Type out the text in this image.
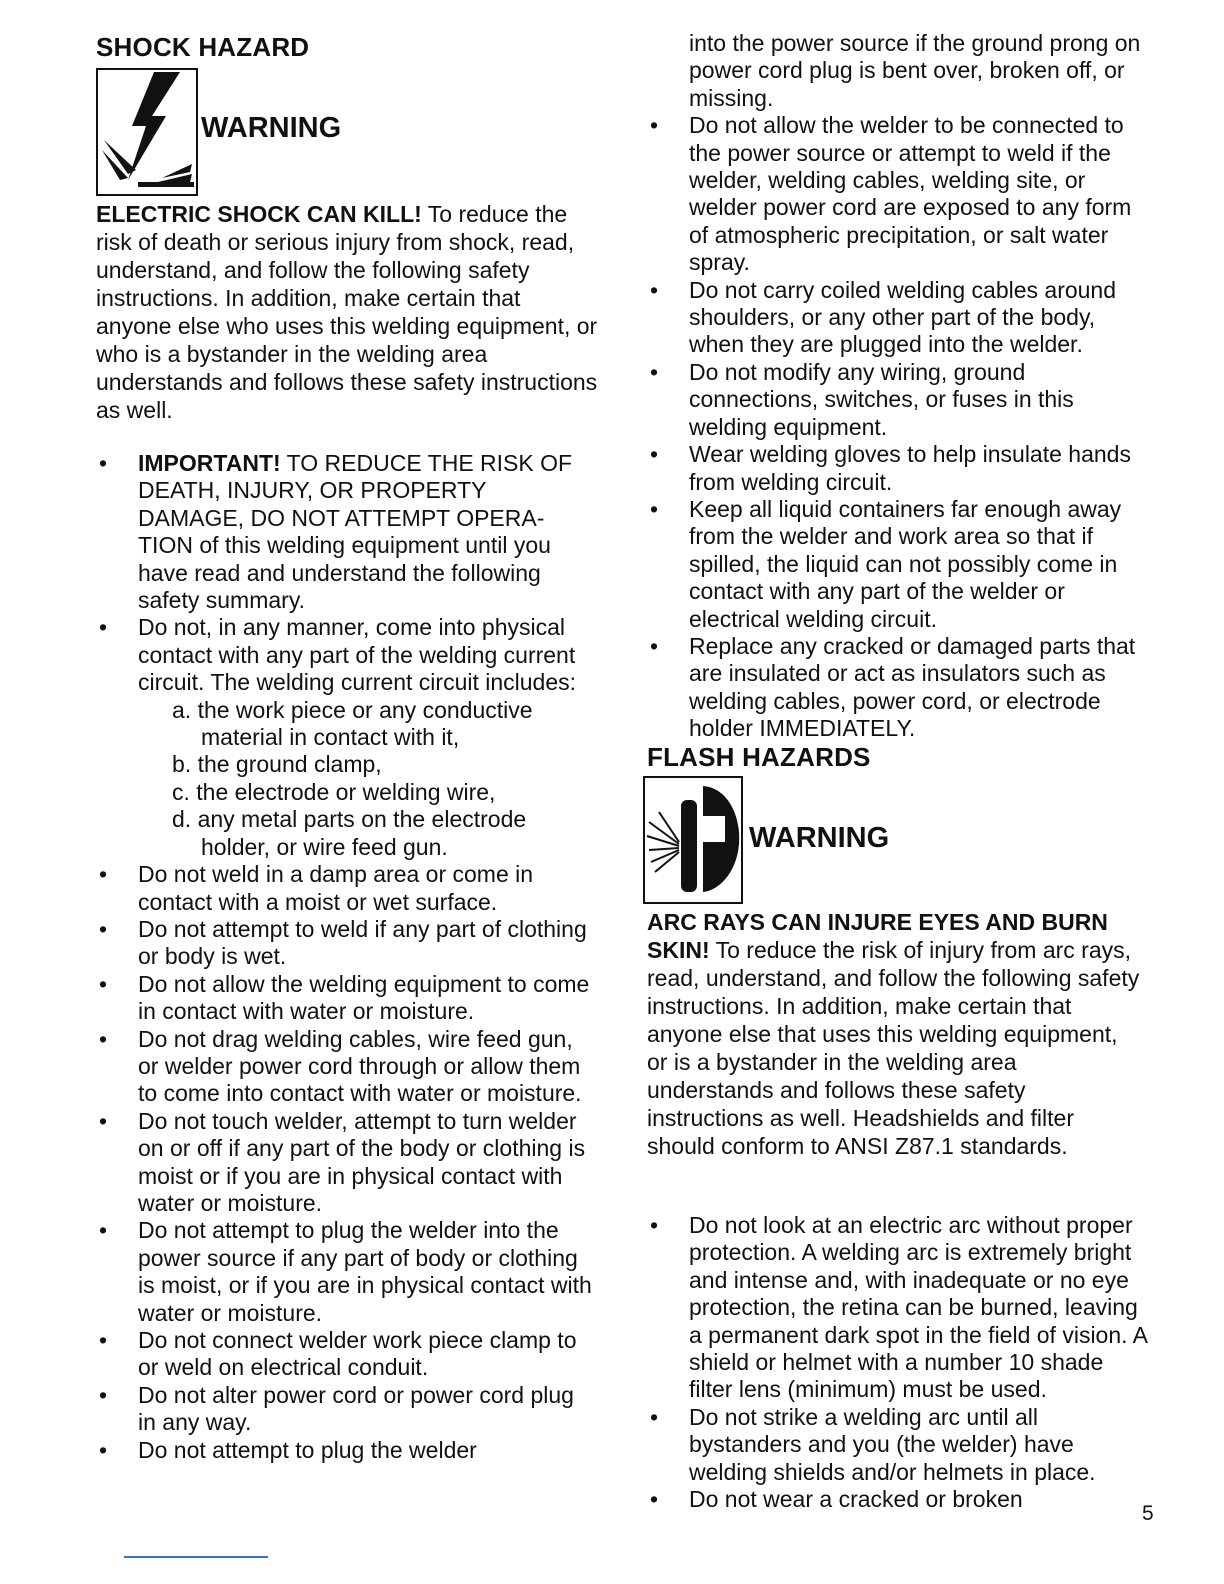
SHOCK HAZARD
WARNING

ELECTRIC SHOCK CAN KILL! To reduce the risk of death or serious injury from shock, read, understand, and follow the following safety instructions. In addition, make certain that anyone else who uses this welding equipment, or who is a bystander in the welding area understands and follows these safety instructions as well.

• IMPORTANT! TO REDUCE THE RISK OF DEATH, INJURY, OR PROPERTY DAMAGE, DO NOT ATTEMPT OPERA-TION of this welding equipment until you have read and understand the following safety summary.
• Do not, in any manner, come into physical contact with any part of the welding current circuit. The welding current circuit includes:
a. the work piece or any conductive material in contact with it,
b. the ground clamp,
c. the electrode or welding wire,
d. any metal parts on the electrode holder, or wire feed gun.
• Do not weld in a damp area or come in contact with a moist or wet surface.
• Do not attempt to weld if any part of clothing or body is wet.
• Do not allow the welding equipment to come in contact with water or moisture.
• Do not drag welding cables, wire feed gun, or welder power cord through or allow them to come into contact with water or moisture.
• Do not touch welder, attempt to turn welder on or off if any part of the body or clothing is moist or if you are in physical contact with water or moisture.
• Do not attempt to plug the welder into the power source if any part of body or clothing is moist, or if you are in physical contact with water or moisture.
• Do not connect welder work piece clamp to or weld on electrical conduit.
• Do not alter power cord or power cord plug in any way.
• Do not attempt to plug the welder
into the power source if the ground prong on power cord plug is bent over, broken off, or missing.
• Do not allow the welder to be connected to the power source or attempt to weld if the welder, welding cables, welding site, or welder power cord are exposed to any form of atmospheric precipitation, or salt water spray.
• Do not carry coiled welding cables around shoulders, or any other part of the body, when they are plugged into the welder.
• Do not modify any wiring, ground connections, switches, or fuses in this welding equipment.
• Wear welding gloves to help insulate hands from welding circuit.
• Keep all liquid containers far enough away from the welder and work area so that if spilled, the liquid can not possibly come in contact with any part of the welder or electrical welding circuit.
• Replace any cracked or damaged parts that are insulated or act as insulators such as welding cables, power cord, or electrode holder IMMEDIATELY.
FLASH HAZARDS
WARNING

ARC RAYS CAN INJURE EYES AND BURN SKIN! To reduce the risk of injury from arc rays, read, understand, and follow the following safety instructions. In addition, make certain that anyone else that uses this welding equipment, or is a bystander in the welding area understands and follows these safety instructions as well. Headshields and filter should conform to ANSI Z87.1 standards.

• Do not look at an electric arc without proper protection. A welding arc is extremely bright and intense and, with inadequate or no eye protection, the retina can be burned, leaving a permanent dark spot in the field of vision. A shield or helmet with a number 10 shade filter lens (minimum) must be used.
• Do not strike a welding arc until all bystanders and you (the welder) have welding shields and/or helmets in place.
• Do not wear a cracked or broken
5
